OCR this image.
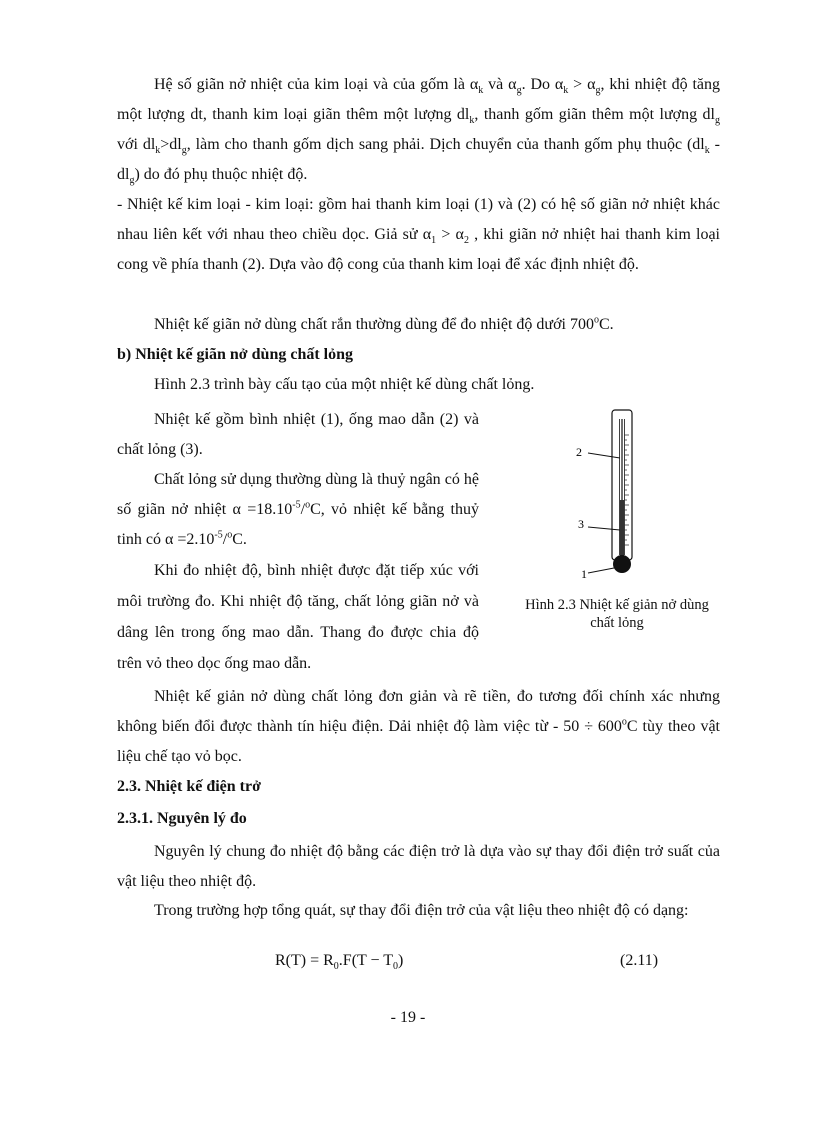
Hệ số giãn nở nhiệt của kim loại và của gốm là $\alpha_k$ và $\alpha_g$. Do $\alpha_k > \alpha_g$, khi nhiệt độ tăng một lượng dt, thanh kim loại giãn thêm một lượng $dl_k$, thanh gốm giãn thêm một lượng $dl_g$ với $dl_k>dl_g$, làm cho thanh gốm dịch sang phải. Dịch chuyển của thanh gốm phụ thuộc $(dl_k - dl_g)$ do đó phụ thuộc nhiệt độ.
- Nhiệt kế kim loại - kim loại: gồm hai thanh kim loại (1) và (2) có hệ số giãn nở nhiệt khác nhau liên kết với nhau theo chiều dọc. Giả sử $\alpha_1 > \alpha_2$ , khi giãn nở nhiệt hai thanh kim loại cong về phía thanh (2). Dựa vào độ cong của thanh kim loại để xác định nhiệt độ.
Nhiệt kế giãn nở dùng chất rắn thường dùng để đo nhiệt độ dưới 700$^o$C.
b) Nhiệt kế giãn nở dùng chất lỏng
Hình 2.3 trình bày cấu tạo của một nhiệt kế dùng chất lỏng.
Nhiệt kế gồm bình nhiệt (1), ống mao dẫn (2) và chất lỏng (3).
Chất lỏng sử dụng thường dùng là thuỷ ngân có hệ số giãn nở nhiệt $\alpha =18.10^{-5}/^oC$, vỏ nhiệt kế bằng thuỷ tinh có $\alpha =2.10^{-5}/^oC$.
Khi đo nhiệt độ, bình nhiệt được đặt tiếp xúc với môi trường đo. Khi nhiệt độ tăng, chất lỏng giãn nở và dâng lên trong ống mao dẫn. Thang đo được chia độ trên vỏ theo dọc ống mao dẫn.
2
3
1
Hình 2.3 Nhiệt kế giản nở dùng chất lỏng
Nhiệt kế giản nở dùng chất lỏng đơn giản và rẽ tiền, đo tương đối chính xác nhưng không biến đổi được thành tín hiệu điện. Dải nhiệt độ làm việc từ - $50 \div 600^oC$ tùy theo vật liệu chế tạo vỏ bọc.
2.3. Nhiệt kế điện trở
2.3.1. Nguyên lý đo
Nguyên lý chung đo nhiệt độ bằng các điện trở là dựa vào sự thay đổi điện trở suất của vật liệu theo nhiệt độ.
Trong trường hợp tổng quát, sự thay đổi điện trở của vật liệu theo nhiệt độ có dạng:
$R(T) = R_0.F(T - T_0)$	(2.11)
- 19 -
